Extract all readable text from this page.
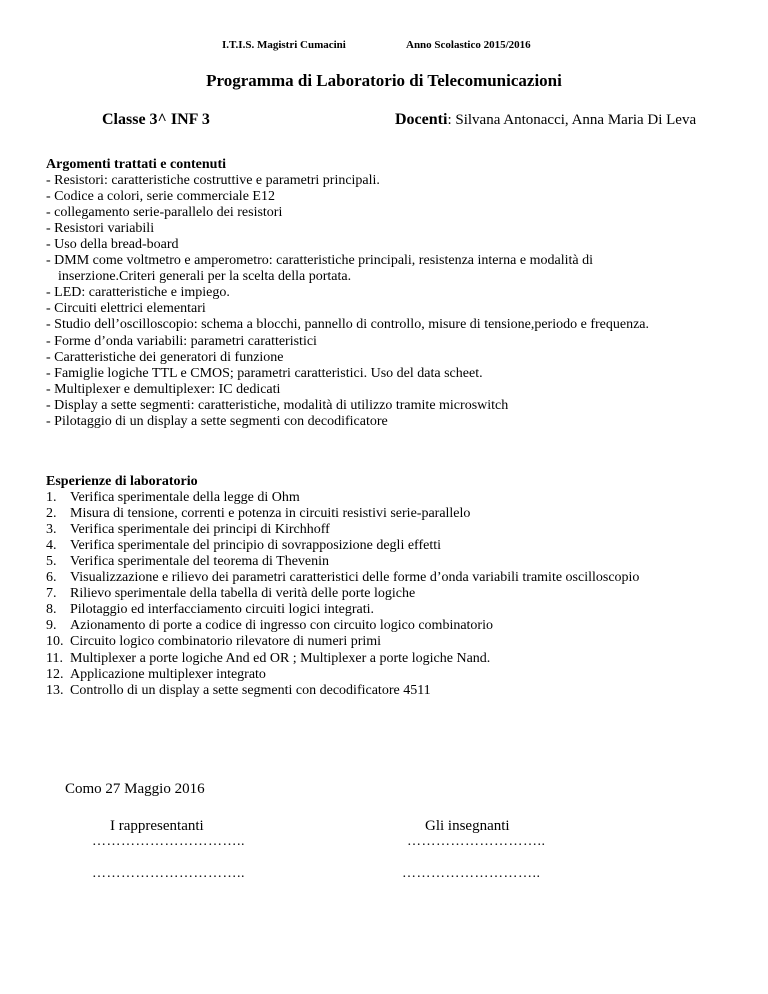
I.T.I.S. Magistri Cumacini	Anno Scolastico 2015/2016
Programma di Laboratorio di Telecomunicazioni
Classe 3^ INF 3	Docenti: Silvana Antonacci, Anna Maria Di Leva
Argomenti trattati e contenuti
- Resistori: caratteristiche costruttive e parametri principali.
- Codice a colori, serie commerciale E12
- collegamento serie-parallelo dei resistori
- Resistori variabili
- Uso della bread-board
- DMM come voltmetro e amperometro: caratteristiche principali, resistenza interna e modalità di
inserzione.Criteri generali per la scelta della portata.
- LED: caratteristiche e impiego.
- Circuiti elettrici elementari
- Studio dell’oscilloscopio: schema a blocchi, pannello di controllo, misure di tensione,periodo e frequenza.
- Forme d’onda variabili: parametri caratteristici
- Caratteristiche dei generatori di funzione
- Famiglie logiche TTL e CMOS; parametri caratteristici. Uso del data scheet.
- Multiplexer e demultiplexer: IC dedicati
- Display a sette segmenti: caratteristiche, modalità di utilizzo tramite microswitch
- Pilotaggio di un display a sette segmenti con decodificatore
Esperienze di laboratorio
1. Verifica sperimentale della legge di Ohm
2. Misura di tensione, correnti e potenza in circuiti resistivi serie-parallelo
3. Verifica sperimentale dei principi di Kirchhoff
4. Verifica sperimentale del principio di sovrapposizione degli effetti
5. Verifica sperimentale del teorema di Thevenin
6. Visualizzazione e rilievo dei parametri caratteristici delle forme d’onda variabili tramite oscilloscopio
7. Rilievo sperimentale della tabella di verità delle porte logiche
8. Pilotaggio ed interfacciamento circuiti logici integrati.
9. Azionamento di porte a codice di ingresso con circuito logico combinatorio
10. Circuito logico combinatorio rilevatore di numeri primi
11. Multiplexer a porte logiche And ed OR ; Multiplexer a porte logiche Nand.
12. Applicazione multiplexer integrato
13. Controllo di un display a sette segmenti con decodificatore 4511
Como 27 Maggio 2016
I rappresentanti	Gli insegnanti
…………………………..	………………………..
…………………………..	………………………..
